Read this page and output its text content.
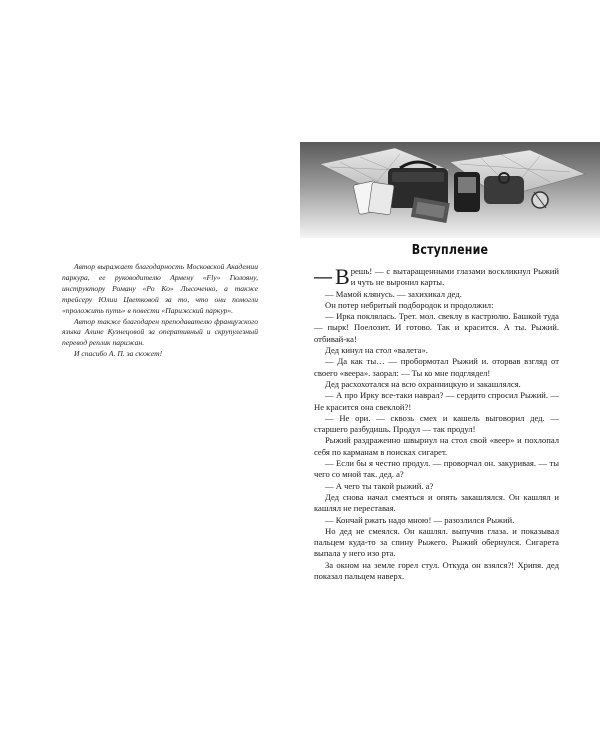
Автор выражает благодарность Московской Академии паркура, ее руководителю Армену «Fly» Гюлояну, инструктору Роману «Ро Ко» Лысоченко, а также трейсеру Юлии Цветковой за то, что они помогли «проложить путь» в повести «Парижский паркур».

Автор также благодарен преподавателю французского языка Алине Кузнецовой за оперативный и скрупулезный перевод реплик парижан.

И спасибо А. П. за сюжет!

Вступление

— В решь! — с вытаращенными глазами воскликнул Рыжий и чуть не выронил карты.

— Мамой клянусь. — захихикал дед.

Он потер небритый подбородок и продолжил:

— Ирка поклялась. Трет. мол. свеклу в кастрюлю. Башкой туда — пырк! Поелозит. И готово. Так и красится. А ты. Рыжий. отбивай-ка!

Дед кинул на стол «валета».

— Да как ты… — пробормотал Рыжий и. оторвав взгляд от своего «веера». заорал: — Ты ко мне подглядел!

Дед расхохотался на всю охранницкую и закашлялся.

— А про Ирку все-таки наврал? — сердито спросил Рыжий. — Не красится она свеклой?!

— Не ори. — сквозь смех и кашель выговорил дед. — старшего разбудишь. Продул — так продул!

Рыжий раздраженно швырнул на стол свой «веер» и похлопал себя по карманам в поисках сигарет.

— Если бы я честно продул. — проворчал он. закуривая. — ты чего со мной так. дед. а?

— А чего ты такой рыжий. а?

Дед снова начал смеяться и опять закашлялся. Он кашлял и кашлял не переставая.

— Кончай ржать надо мною! — разозлился Рыжий.

Но дед не смеялся. Он кашлял. выпучив глаза. и показывал пальцем куда-то за спину Рыжего. Рыжий обернулся. Сигарета выпала у него изо рта.

За окном на земле горел стул. Откуда он взялся?! Хрипя. дед показал пальцем наверх.
